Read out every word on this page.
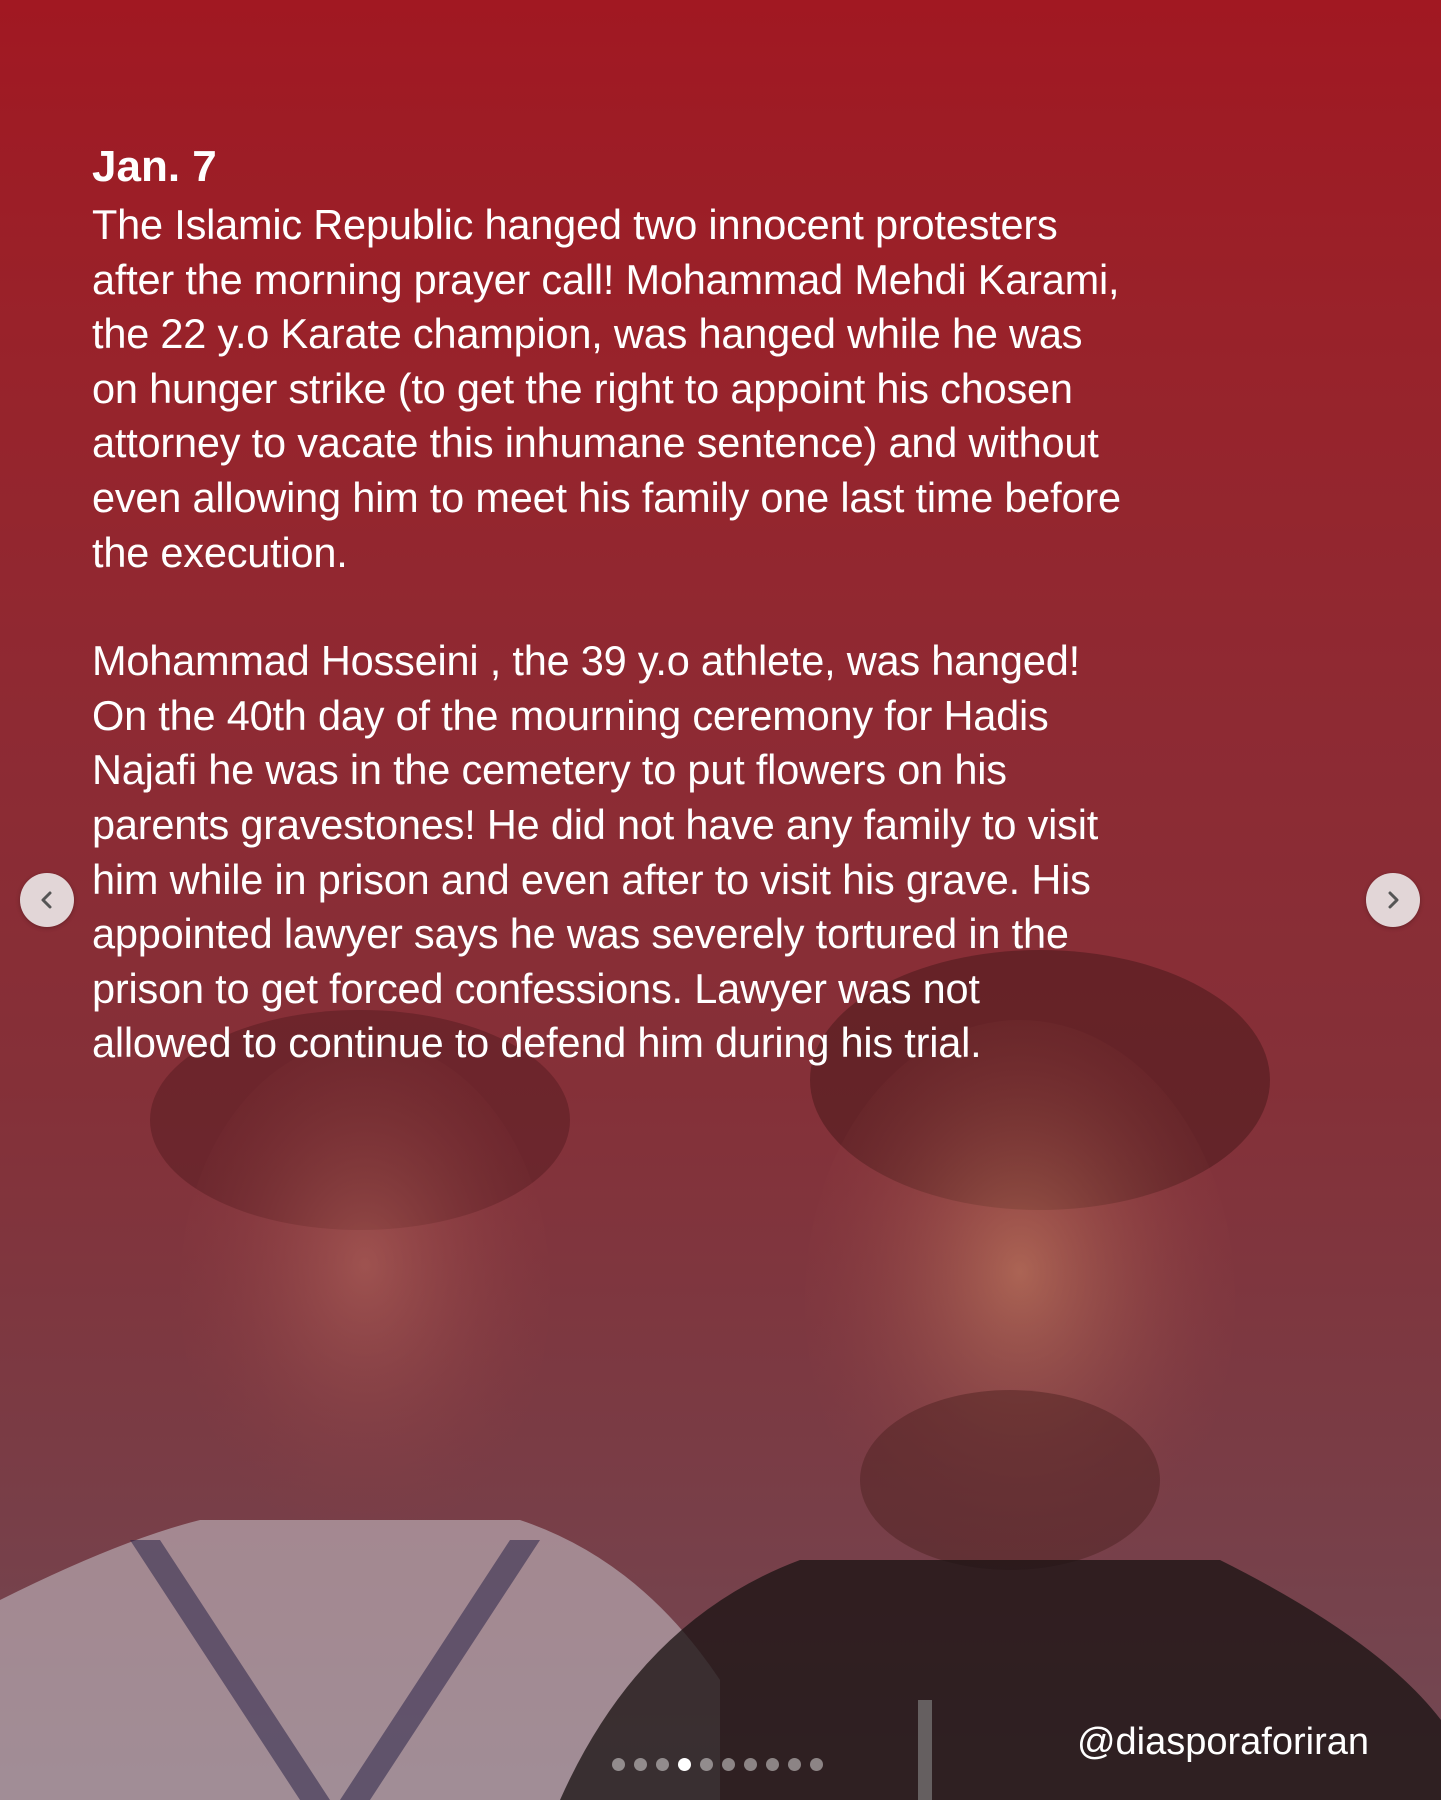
Jan. 7

The Islamic Republic hanged two innocent protesters
after the morning prayer call! Mohammad Mehdi Karami,
the 22 y.o Karate champion, was hanged while he was
on hunger strike (to get the right to appoint his chosen
attorney to vacate this inhumane sentence) and without
even allowing him to meet his family one last time before
the execution.

Mohammad Hosseini , the 39 y.o athlete, was hanged!
On the 40th day of the mourning ceremony for Hadis
Najafi he was in the cemetery to put flowers on his
parents gravestones! He did not have any family to visit
him while in prison and even after to visit his grave. His
appointed lawyer says he was severely tortured in the
prison to get forced confessions. Lawyer was not
allowed to continue to defend him during his trial.

@diasporaforiran
